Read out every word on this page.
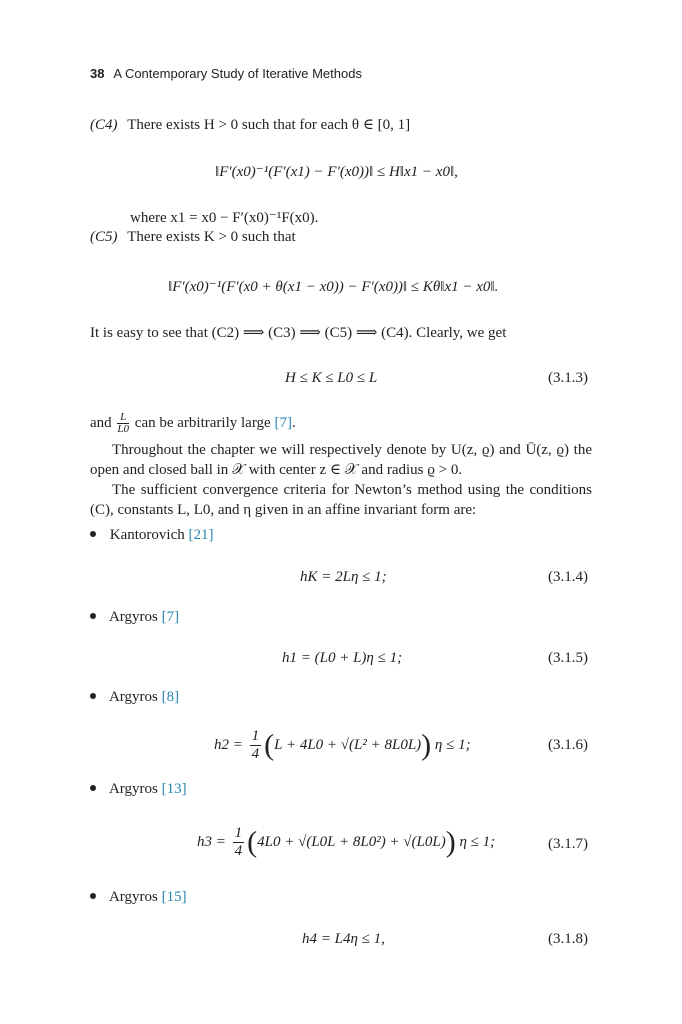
38 A Contemporary Study of Iterative Methods
(C4) There exists H > 0 such that for each θ ∈ [0, 1]
‖F′(x0)⁻¹(F′(x1) − F′(x0))‖ ≤ H‖x1 − x0‖,
where x1 = x0 − F′(x0)⁻¹F(x0).
(C5) There exists K > 0 such that
‖F′(x0)⁻¹(F′(x0 + θ(x1 − x0)) − F′(x0))‖ ≤ Kθ‖x1 − x0‖.
It is easy to see that (C2) ⟹ (C3) ⟹ (C5) ⟹ (C4). Clearly, we get
H ≤ K ≤ L0 ≤ L	(3.1.3)
and $\frac{L}{L0}$ can be arbitrarily large [7].
Throughout the chapter we will respectively denote by U(z, ϱ) and Ū(z, ϱ) the open and closed ball in 𝒳 with center z ∈ 𝒳 and radius ϱ > 0.
The sufficient convergence criteria for Newton’s method using the conditions (C), constants L, L0, and η given in an affine invariant form are:
Kantorovich [21]
hK = 2Lη ≤ 1;	(3.1.4)
Argyros [7]
h1 = (L0 + L)η ≤ 1;	(3.1.5)
Argyros [8]
$h2 = \frac{1}{4} (L + 4L0 + √(L^2 + 8L0L)) \eta \le 1$;	(3.1.6)
Argyros [13]
$h3 = \frac{1}{4} (4L0 + √(L0L + 8L0^2) + √(L0L)) \eta \le 1$;	(3.1.7)
Argyros [15]
h4 = L4η ≤ 1,	(3.1.8)
